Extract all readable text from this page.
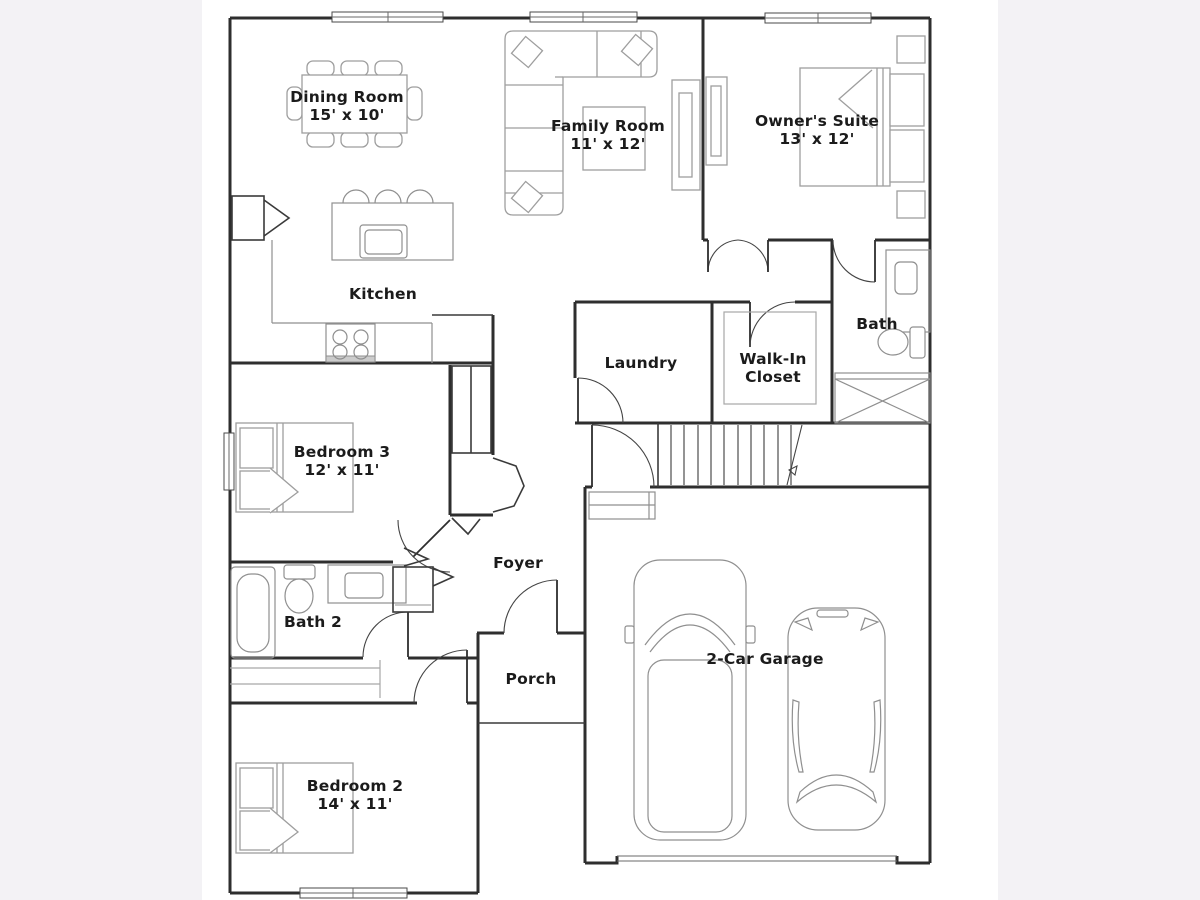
Dining Room
15' x 10'
Family Room
11' x 12'
Owner's Suite
13' x 12'
Kitchen
Laundry	Walk-In
Closet
Bath
Bedroom 3
12' x 11'
Foyer
Bath 2
Porch
2-Car Garage
Bedroom 2
14' x 11'
